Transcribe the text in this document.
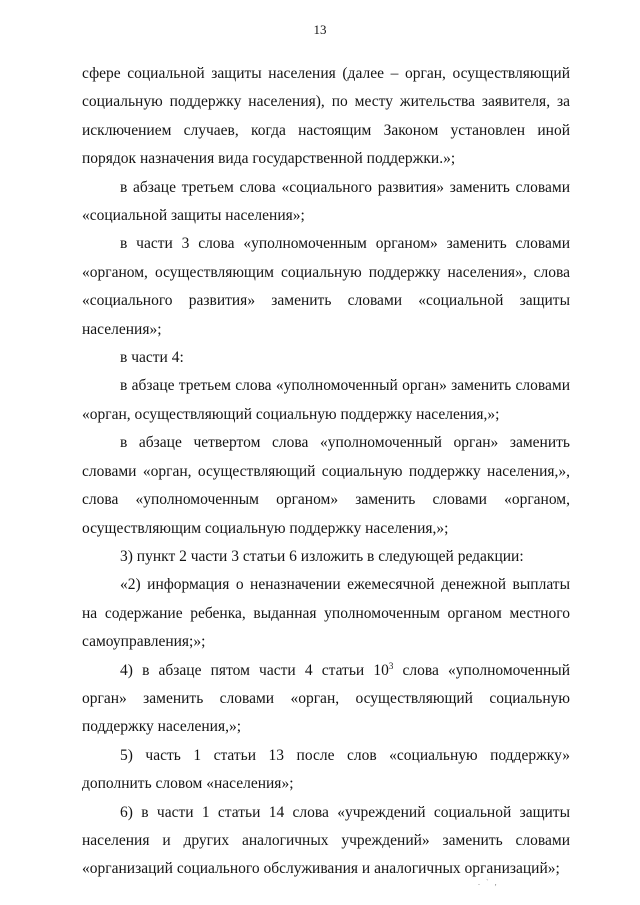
13

сфере социальной защиты населения (далее – орган, осуществляющий социальную поддержку населения), по месту жительства заявителя, за исключением случаев, когда настоящим Законом установлен иной порядок назначения вида государственной поддержки.»;

в абзаце третьем слова «социального развития» заменить словами «социальной защиты населения»;

в части 3 слова «уполномоченным органом» заменить словами «органом, осуществляющим социальную поддержку населения», слова «социального развития» заменить словами «социальной защиты населения»;

в части 4:

в абзаце третьем слова «уполномоченный орган» заменить словами «орган, осуществляющий социальную поддержку населения,»;

в абзаце четвертом слова «уполномоченный орган» заменить словами «орган, осуществляющий социальную поддержку населения,», слова «уполномоченным органом» заменить словами «органом, осуществляющим социальную поддержку населения,»;

3) пункт 2 части 3 статьи 6 изложить в следующей редакции:

«2) информация о неназначении ежемесячной денежной выплаты на содержание ребенка, выданная уполномоченным органом местного самоуправления;»;

4) в абзаце пятом части 4 статьи $10^3$ слова «уполномоченный орган» заменить словами «орган, осуществляющий социальную поддержку населения,»;

5) часть 1 статьи 13 после слов «социальную поддержку» дополнить словом «населения»;

6) в части 1 статьи 14 слова «учреждений социальной защиты населения и других аналогичных учреждений» заменить словами «организаций социального обслуживания и аналогичных организаций»;

. ` ,
